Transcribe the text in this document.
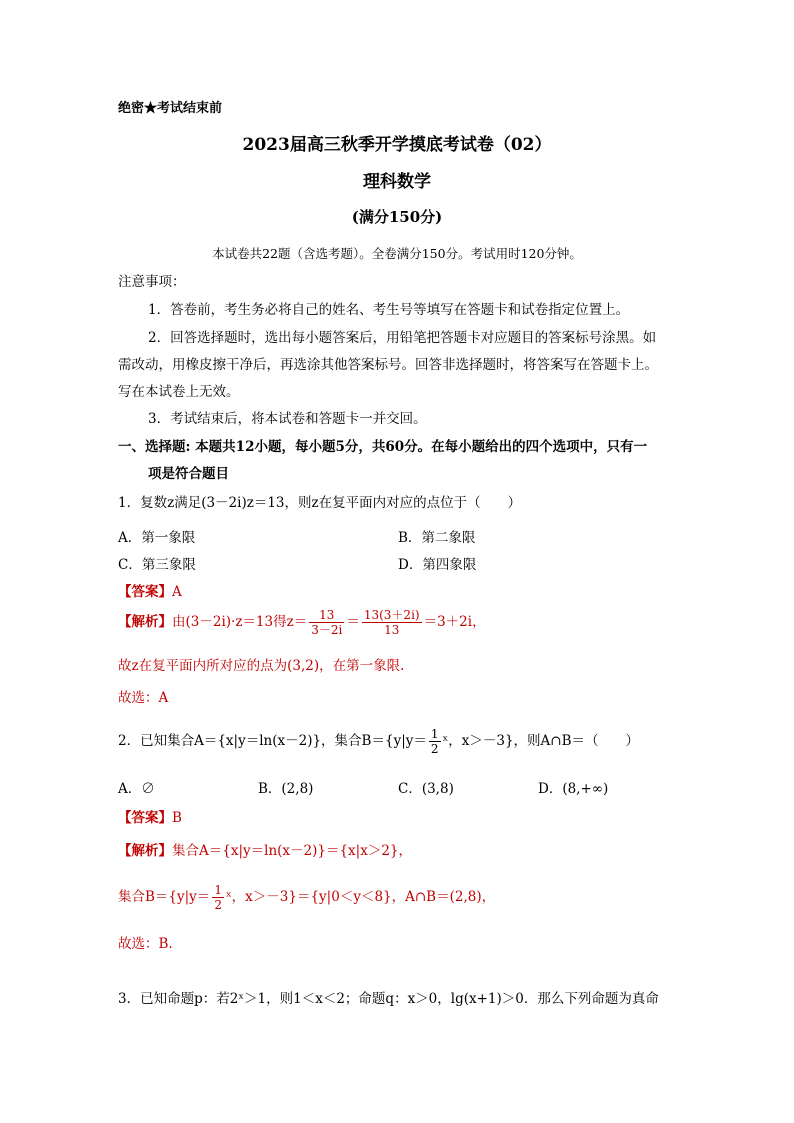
绝密★考试结束前
2023届高三秋季开学摸底考试卷（02）
理科数学
(满分150分)
本试卷共22题（含选考题）。全卷满分150分。考试用时120分钟。
注意事项：
1．答卷前，考生务必将自己的姓名、考生号等填写在答题卡和试卷指定位置上。
2．回答选择题时，选出每小题答案后，用铅笔把答题卡对应题目的答案标号涂黑。如
需改动，用橡皮擦干净后，再选涂其他答案标号。回答非选择题时，将答案写在答题卡上。
写在本试卷上无效。
3．考试结束后，将本试卷和答题卡一并交回。
一、选择题: 本题共12小题，每小题5分，共60分。在每小题给出的四个选项中，只有一
项是符合题目
1．复数z满足(3－2i)z＝13，则z在复平面内对应的点位于（　　）
A．第一象限	B．第二象限
C．第三象限	D．第四象限
【答案】A
【解析】由(3－2i)·z＝13得$z= \frac{13}{3-2i} = \frac{13(3+2i)}{13} =3+2i$，
故z在复平面内所对应的点为(3,2)，在第一象限.
故选：A
2．已知集合A＝{x|y＝ln(x－2)}，集合$B=\{y|y= \frac{1}{2}$ ˣ，x＞－3}，则A∩B＝（　　）
A．∅	B．(2,8)	C．(3,8)	D．(8,+∞)
【答案】B
【解析】集合A＝{x|y＝ln(x－2)}＝{x|x＞2}，
集合$B=\{y|y= \frac{1}{2}$ ˣ，x＞－3}＝{y|0＜y＜8}，A∩B＝(2,8)，
故选：B.
3．已知命题p：若2ˣ＞1，则1＜x＜2；命题q：x＞0，lg(x+1)＞0．那么下列命题为真命
